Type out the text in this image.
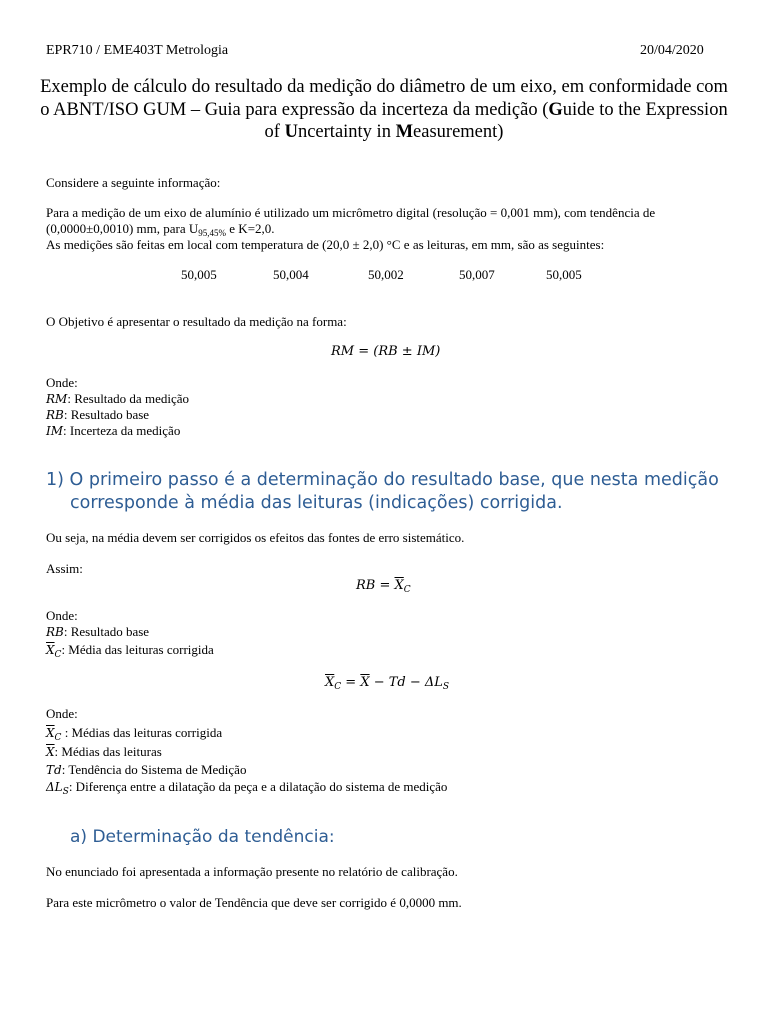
EPR710 / EME403T Metrologia	20/04/2020
Exemplo de cálculo do resultado da medição do diâmetro de um eixo, em conformidade com o ABNT/ISO GUM – Guia para expressão da incerteza da medição (Guide to the Expression of Uncertainty in Measurement)
Considere a seguinte informação:
Para a medição de um eixo de alumínio é utilizado um micrômetro digital (resolução = 0,001 mm), com tendência de
(0,0000±0,0010) mm, para $U_{95,45\%}$ e K=2,0.
As medições são feitas em local com temperatura de (20,0 ± 2,0) °C e as leituras, em mm, são as seguintes:
50,005	50,004	50,002	50,007	50,005
O Objetivo é apresentar o resultado da medição na forma:
RM = (RB ± IM)
Onde:
RM: Resultado da medição
RB: Resultado base
IM: Incerteza da medição
1) O primeiro passo é a determinação do resultado base, que nesta medição
corresponde à média das leituras (indicações) corrigida.
Ou seja, na média devem ser corrigidos os efeitos das fontes de erro sistemático.
Assim:
RB = $\overline{X}_C$
Onde:
RB: Resultado base
$\overline{X}_C$: Média das leituras corrigida
$\overline{X}_C = \overline{X} - Td - \Delta L_S$
Onde:
$\overline{X}_C$ : Médias das leituras corrigida
$\overline{X}$: Médias das leituras
Td: Tendência do Sistema de Medição
$\Delta L_S$: Diferença entre a dilatação da peça e a dilatação do sistema de medição
a) Determinação da tendência:
No enunciado foi apresentada a informação presente no relatório de calibração.
Para este micrômetro o valor de Tendência que deve ser corrigido é 0,0000 mm.
